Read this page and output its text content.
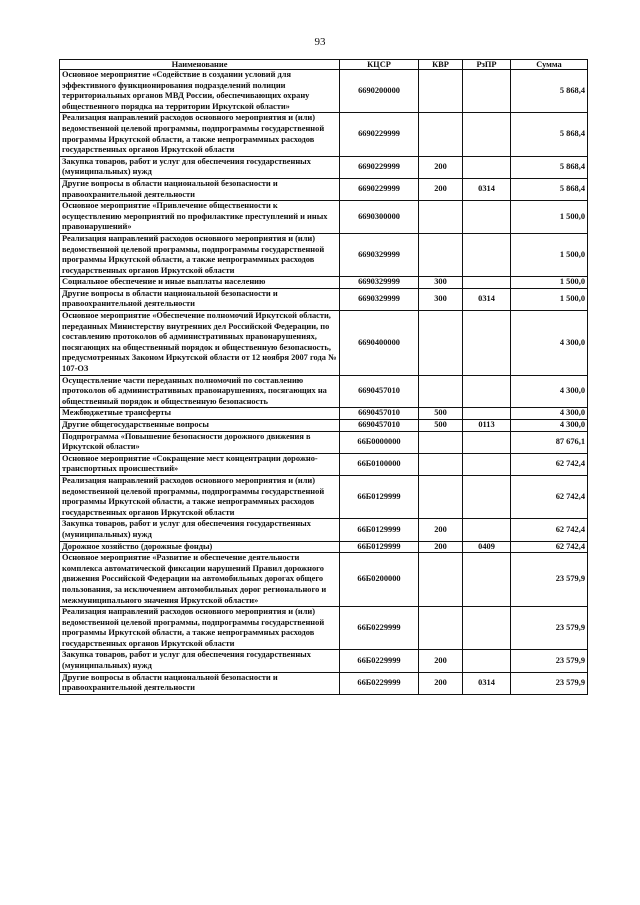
93
Наименование	КЦСР	КВР	РзПР	Сумма
Основное мероприятие «Содействие в создании условий для эффективного функционирования подразделений полиции территориальных органов МВД России, обеспечивающих охрану общественного порядка на территории Иркутской области»	6690200000			5 868,4
Реализация направлений расходов основного мероприятия и (или) ведомственной целевой программы, подпрограммы государственной программы Иркутской области, а также непрограммных расходов государственных органов Иркутской области	6690229999			5 868,4
Закупка товаров, работ и услуг для обеспечения государственных (муниципальных) нужд	6690229999	200		5 868,4
Другие вопросы в области национальной безопасности и правоохранительной деятельности	6690229999	200	0314	5 868,4
Основное мероприятие «Привлечение общественности к осуществлению мероприятий по профилактике преступлений и иных правонарушений»	6690300000			1 500,0
Реализация направлений расходов основного мероприятия и (или) ведомственной целевой программы, подпрограммы государственной программы Иркутской области, а также непрограммных расходов государственных органов Иркутской области	6690329999			1 500,0
Социальное обеспечение и иные выплаты населению	6690329999	300		1 500,0
Другие вопросы в области национальной безопасности и правоохранительной деятельности	6690329999	300	0314	1 500,0
Основное мероприятие «Обеспечение полномочий Иркутской области, переданных Министерству внутренних дел Российской Федерации, по составлению протоколов об административных правонарушениях, посягающих на общественный порядок и общественную безопасность, предусмотренных Законом Иркутской области от 12 ноября 2007 года № 107-ОЗ	6690400000			4 300,0
Осуществление части переданных полномочий по составлению протоколов об административных правонарушениях, посягающих на общественный порядок и общественную безопасность	6690457010			4 300,0
Межбюджетные трансферты	6690457010	500		4 300,0
Другие общегосударственные вопросы	6690457010	500	0113	4 300,0
Подпрограмма «Повышение безопасности дорожного движения в Иркутской области»	66Б0000000			87 676,1
Основное мероприятие «Сокращение мест концентрации дорожно-транспортных происшествий»	66Б0100000			62 742,4
Реализация направлений расходов основного мероприятия и (или) ведомственной целевой программы, подпрограммы государственной программы Иркутской области, а также непрограммных расходов государственных органов Иркутской области	66Б0129999			62 742,4
Закупка товаров, работ и услуг для обеспечения государственных (муниципальных) нужд	66Б0129999	200		62 742,4
Дорожное хозяйство (дорожные фонды)	66Б0129999	200	0409	62 742,4
Основное мероприятие «Развитие и обеспечение деятельности комплекса автоматической фиксации нарушений Правил дорожного движения Российской Федерации на автомобильных дорогах общего пользования, за исключением автомобильных дорог регионального и межмуниципального значения Иркутской области»	66Б0200000			23 579,9
Реализация направлений расходов основного мероприятия и (или) ведомственной целевой программы, подпрограммы государственной программы Иркутской области, а также непрограммных расходов государственных органов Иркутской области	66Б0229999			23 579,9
Закупка товаров, работ и услуг для обеспечения государственных (муниципальных) нужд	66Б0229999	200		23 579,9
Другие вопросы в области национальной безопасности и правоохранительной деятельности	66Б0229999	200	0314	23 579,9
